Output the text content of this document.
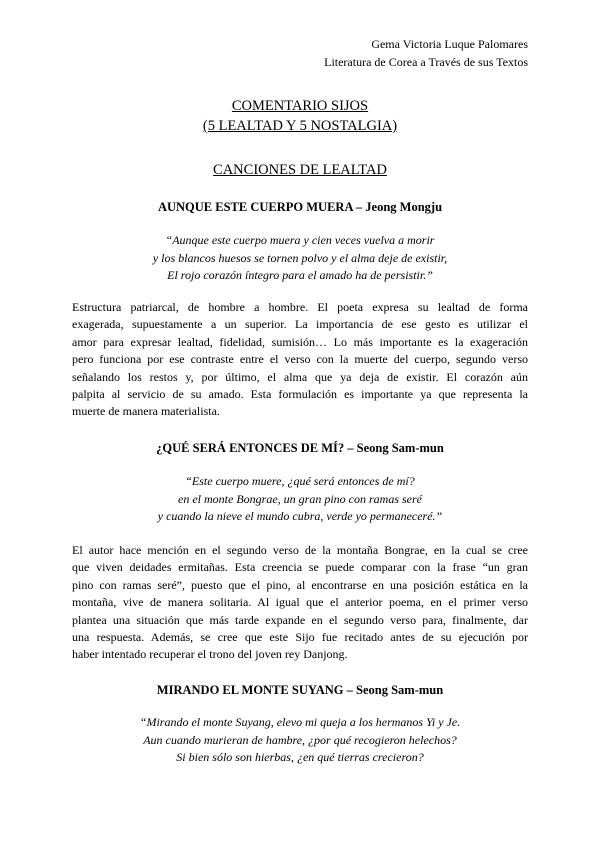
Gema Victoria Luque Palomares
Literatura de Corea a Través de sus Textos
COMENTARIO SIJOS
(5 LEALTAD Y 5 NOSTALGIA)
CANCIONES DE LEALTAD
AUNQUE ESTE CUERPO MUERA – Jeong Mongju
“Aunque este cuerpo muera y cien veces vuelva a morir
y los blancos huesos se tornen polvo y el alma deje de existir,
El rojo corazón íntegro para el amado ha de persistir.”
Estructura patriarcal, de hombre a hombre. El poeta expresa su lealtad de forma
exagerada, supuestamente a un superior. La importancia de ese gesto es utilizar el
amor para expresar lealtad, fidelidad, sumisión… Lo más importante es la exageración
pero funciona por ese contraste entre el verso con la muerte del cuerpo, segundo verso
señalando los restos y, por último, el alma que ya deja de existir. El corazón aún
palpita al servicio de su amado. Esta formulación es importante ya que representa la
muerte de manera materialista.
¿QUÉ SERÁ ENTONCES DE MÍ? – Seong Sam-mun
“Este cuerpo muere, ¿qué será entonces de mí?
en el monte Bongrae, un gran pino con ramas seré
y cuando la nieve el mundo cubra, verde yo permaneceré.”
El autor hace mención en el segundo verso de la montaña Bongrae, en la cual se cree
que viven deidades ermitañas. Esta creencia se puede comparar con la frase “un gran
pino con ramas seré”, puesto que el pino, al encontrarse en una posición estática en la
montaña, vive de manera solitaria. Al igual que el anterior poema, en el primer verso
plantea una situación que más tarde expande en el segundo verso para, finalmente, dar
una respuesta. Además, se cree que este Sijo fue recitado antes de su ejecución por
haber intentado recuperar el trono del joven rey Danjong.
MIRANDO EL MONTE SUYANG – Seong Sam-mun
“Mirando el monte Suyang, elevo mi queja a los hermanos Yi y Je.
Aun cuando murieran de hambre, ¿por qué recogieron helechos?
Si bien sólo son hierbas, ¿en qué tierras crecieron?
